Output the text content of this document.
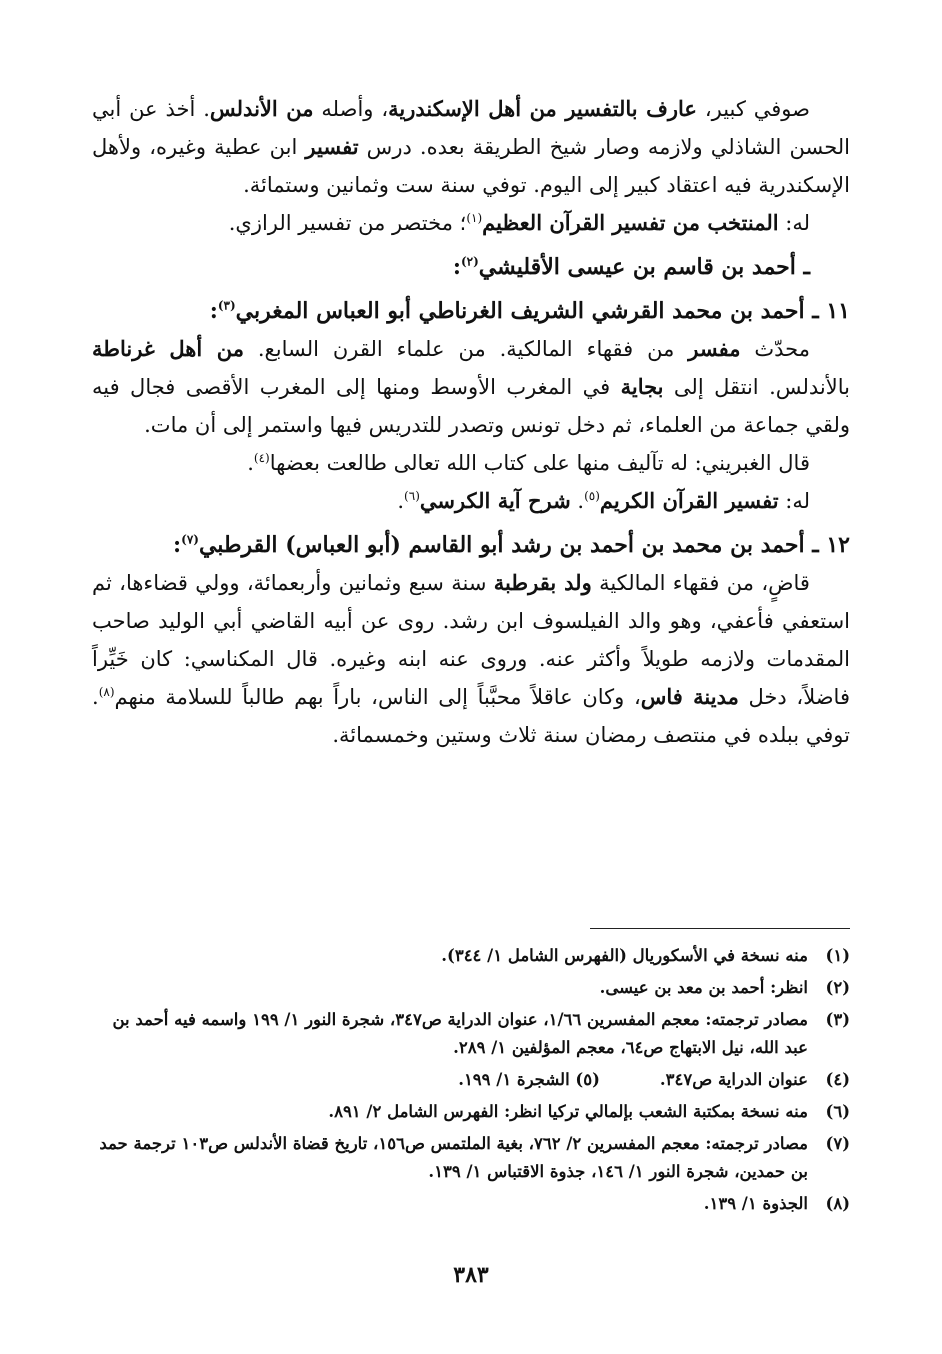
صوفي كبير، عارف بالتفسير من أهل الإسكندرية، وأصله من الأندلس. أخذ عن أبي الحسن الشاذلي ولازمه وصار شيخ الطريقة بعده. درس تفسير ابن عطية وغيره، ولأهل الإسكندرية فيه اعتقاد كبير إلى اليوم. توفي سنة ست وثمانين وستمائة.

له: المنتخب من تفسير القرآن العظيم$^{(١)}$؛ مختصر من تفسير الرازي.

ـ أحمد بن قاسم بن عيسى الأقليشي$^{(٢)}$:

١١ ـ أحمد بن محمد القرشي الشريف الغرناطي أبو العباس المغربي$^{(٣)}$:

محدّث مفسر من فقهاء المالكية. من علماء القرن السابع. من أهل غرناطة بالأندلس. انتقل إلى بجاية في المغرب الأوسط ومنها إلى المغرب الأقصى فجال فيه ولقي جماعة من العلماء، ثم دخل تونس وتصدر للتدريس فيها واستمر إلى أن مات.

قال الغبريني: له تآليف منها على كتاب الله تعالى طالعت بعضها$^{(٤)}$.

له: تفسير القرآن الكريم$^{(٥)}$. شرح آية الكرسي$^{(٦)}$.

١٢ ـ أحمد بن محمد بن أحمد بن رشد أبو القاسم (أبو العباس) القرطبي$^{(٧)}$:

قاضٍ، من فقهاء المالكية ولد بقرطبة سنة سبع وثمانين وأربعمائة، وولي قضاءها، ثم استعفي فأعفي، وهو والد الفيلسوف ابن رشد. روى عن أبيه القاضي أبي الوليد صاحب المقدمات ولازمه طويلاً وأكثر عنه. وروى عنه ابنه وغيره. قال المكناسي: كان خَيِّراً فاضلاً، دخل مدينة فاس، وكان عاقلاً محبَّباً إلى الناس، باراً بهم طالباً للسلامة منهم$^{(٨)}$. توفي ببلده في منتصف رمضان سنة ثلاث وستين وخمسمائة.

(١)
منه نسخة في الأسكوريال (الفهرس الشامل ١/ ٣٤٤).
(٢)
انظر: أحمد بن معد بن عيسى.
(٣)
مصادر ترجمته: معجم المفسرين ١/٦٦، عنوان الدراية ص٣٤٧، شجرة النور ١/ ١٩٩ واسمه فيه أحمد بن عبد الله، نيل الابتهاج ص٦٤، معجم المؤلفين ١/ ٢٨٩.
(٤)
عنوان الدراية ص٣٤٧.(٥) الشجرة ١/ ١٩٩.
(٦)
منه نسخة بمكتبة الشعب بإلمالي تركيا انظر: الفهرس الشامل ٢/ ٨٩١.
(٧)
مصادر ترجمته: معجم المفسرين ٢/ ٧٦٢، بغية الملتمس ص١٥٦، تاريخ قضاة الأندلس ص١٠٣ ترجمة حمد بن حمدين، شجرة النور ١/ ١٤٦، جذوة الاقتباس ١/ ١٣٩.
(٨)
الجذوة ١/ ١٣٩.
٣٨٣
